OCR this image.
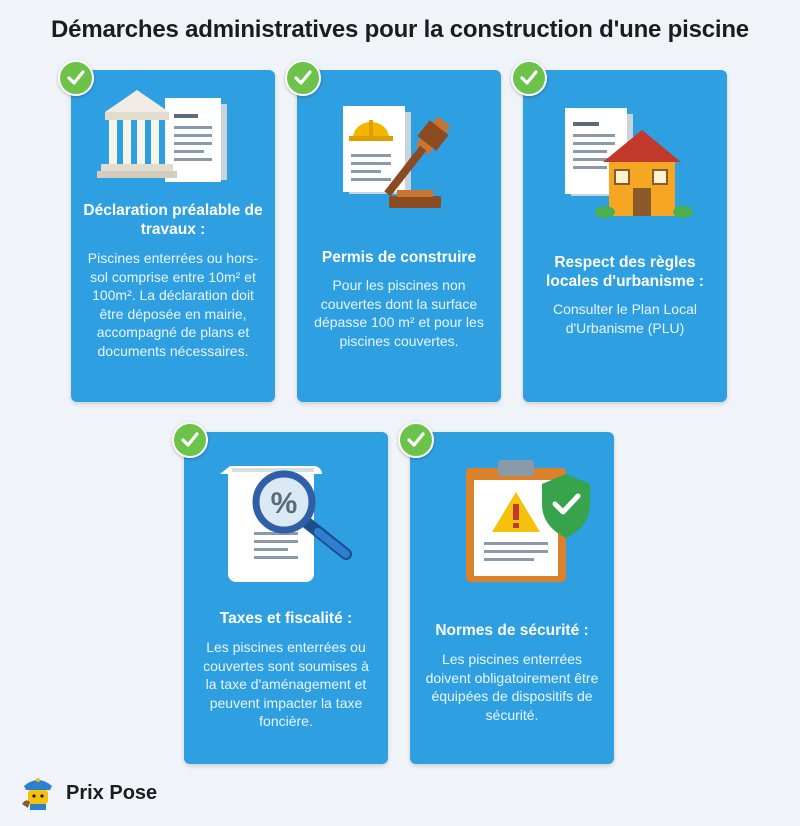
Démarches administratives pour la construction d'une piscine
Déclaration préalable de travaux :
Piscines enterrées ou hors-sol comprise entre 10m² et 100m². La déclaration doit être déposée en mairie, accompagné de plans et documents nécessaires.
Permis de construire
Pour les piscines non couvertes dont la surface dépasse 100 m² et pour les piscines couvertes.
Respect des règles locales d'urbanisme :
Consulter le Plan Local d'Urbanisme (PLU)
%
Taxes et fiscalité :
Les piscines enterrées ou couvertes sont soumises à la taxe d'aménagement et peuvent impacter la taxe foncière.
Normes de sécurité :
Les piscines enterrées doivent obligatoirement être équipées de dispositifs de sécurité.
Prix Pose
